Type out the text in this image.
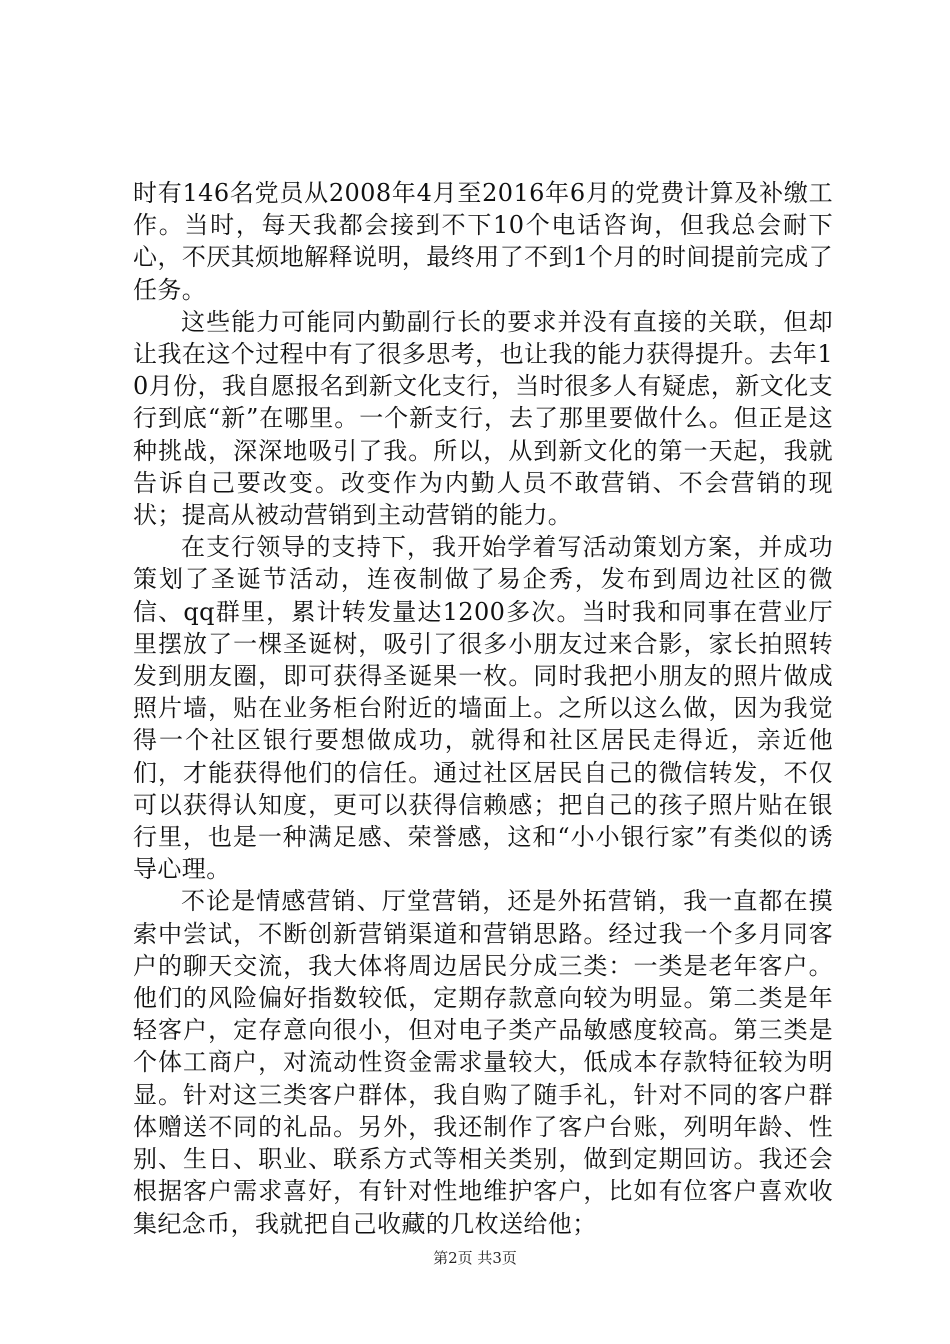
时有146名党员从2008年4月至2016年6月的党费计算及补缴工作。当时，每天我都会接到不下10个电话咨询，但我总会耐下心，不厌其烦地解释说明，最终用了不到1个月的时间提前完成了任务。

这些能力可能同内勤副行长的要求并没有直接的关联，但却让我在这个过程中有了很多思考，也让我的能力获得提升。去年10月份，我自愿报名到新文化支行，当时很多人有疑虑，新文化支行到底“新”在哪里。一个新支行，去了那里要做什么。但正是这种挑战，深深地吸引了我。所以，从到新文化的第一天起，我就告诉自己要改变。改变作为内勤人员不敢营销、不会营销的现状；提高从被动营销到主动营销的能力。

在支行领导的支持下，我开始学着写活动策划方案，并成功策划了圣诞节活动，连夜制做了易企秀，发布到周边社区的微信、qq群里，累计转发量达1200多次。当时我和同事在营业厅里摆放了一棵圣诞树，吸引了很多小朋友过来合影，家长拍照转发到朋友圈，即可获得圣诞果一枚。同时我把小朋友的照片做成照片墙，贴在业务柜台附近的墙面上。之所以这么做，因为我觉得一个社区银行要想做成功，就得和社区居民走得近，亲近他们，才能获得他们的信任。通过社区居民自己的微信转发，不仅可以获得认知度，更可以获得信赖感；把自己的孩子照片贴在银行里，也是一种满足感、荣誉感，这和“小小银行家”有类似的诱导心理。

不论是情感营销、厅堂营销，还是外拓营销，我一直都在摸索中尝试，不断创新营销渠道和营销思路。经过我一个多月同客户的聊天交流，我大体将周边居民分成三类：一类是老年客户。他们的风险偏好指数较低，定期存款意向较为明显。第二类是年轻客户，定存意向很小，但对电子类产品敏感度较高。第三类是个体工商户，对流动性资金需求量较大，低成本存款特征较为明显。针对这三类客户群体，我自购了随手礼，针对不同的客户群体赠送不同的礼品。另外，我还制作了客户台账，列明年龄、性别、生日、职业、联系方式等相关类别，做到定期回访。我还会根据客户需求喜好，有针对性地维护客户，比如有位客户喜欢收集纪念币，我就把自己收藏的几枚送给他；

第2页 共3页
